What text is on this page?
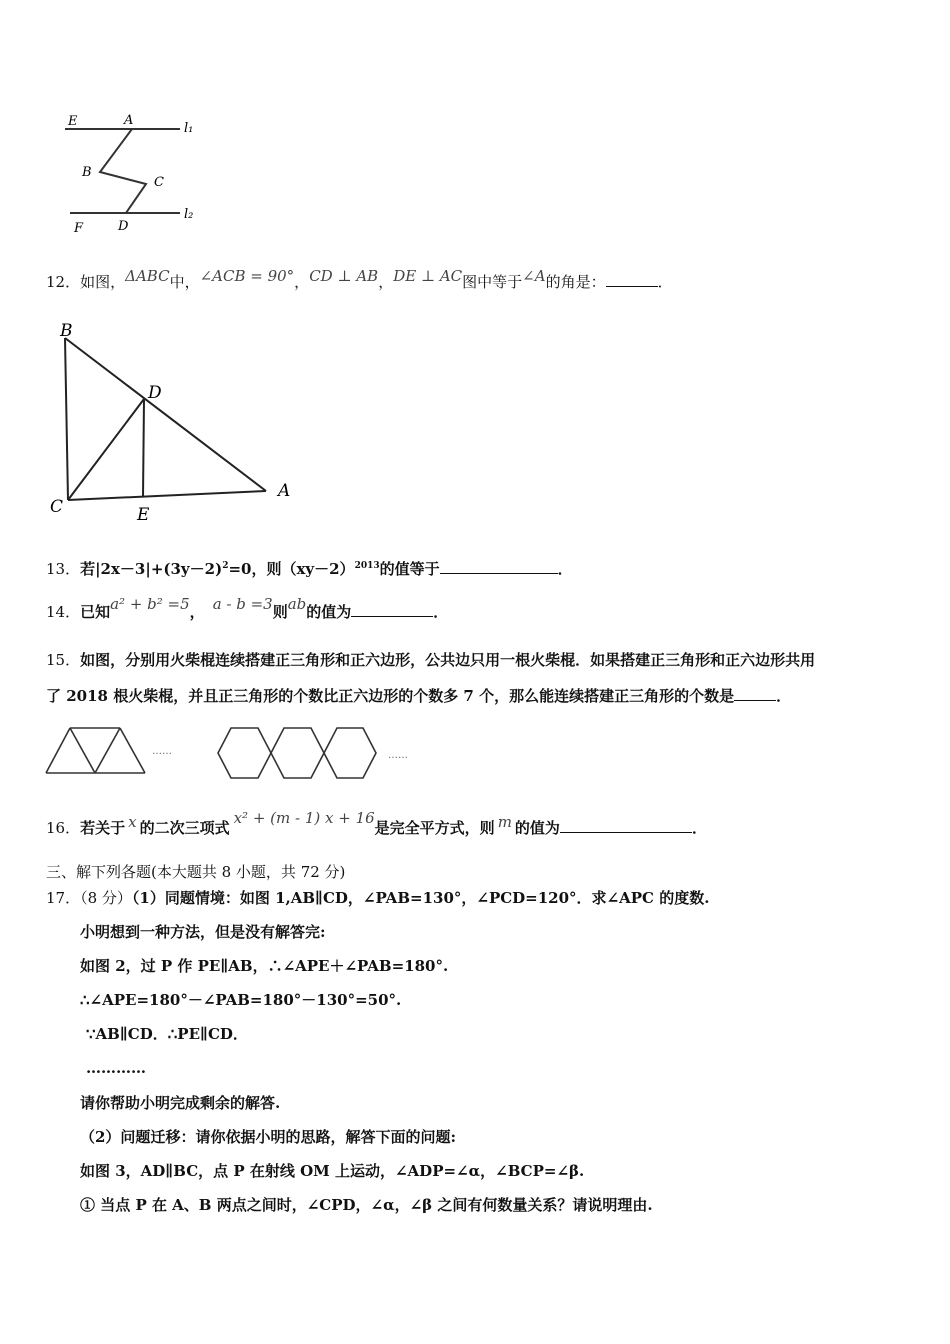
E	A
l₁
B
C
F	D
l₂
12．如图，ΔABC中，∠ACB = 90°，CD ⊥ AB，DE ⊥ AC图中等于∠A的角是：	．
B
D
C	E
A
13．若$|2x-3|+(3y-2)^2=0$，则$(xy-2)^{2013}$的值等于	．
14．已知a² + b² =5， a - b =3则ab的值为	．
15．如图，分别用火柴棍连续搭建正三角形和正六边形，公共边只用一根火柴棍．如果搭建正三角形和正六边形共用
了 2018 根火柴棍，并且正三角形的个数比正六边形的个数多 7 个，那么能连续搭建正三角形的个数是	．
……	……
16．若关于 x 的二次三项式x² + (m - 1) x + 16是完全平方式，则 m 的值为	．
三、解下列各题(本大题共 8 小题，共 72 分)
17．（8 分）（1）同题情境：如图 1,AB∥CD，∠PAB=130°，∠PCD=120°．求∠APC 的度数.
小明想到一种方法，但是没有解答完:
如图 2，过 P 作 PE∥AB，∴∠APE＋∠PAB=180°.
∴∠APE=180°－∠PAB=180°－130°=50°.
∵AB∥CD．∴PE∥CD．
…………
请你帮助小明完成剩余的解答.
（2）问题迁移：请你依据小明的思路，解答下面的问题:
如图 3，AD∥BC，点 P 在射线 OM 上运动，∠ADP=∠α，∠BCP=∠β.
① 当点 P 在 A、B 两点之间时，∠CPD，∠α，∠β 之间有何数量关系？请说明理由.
